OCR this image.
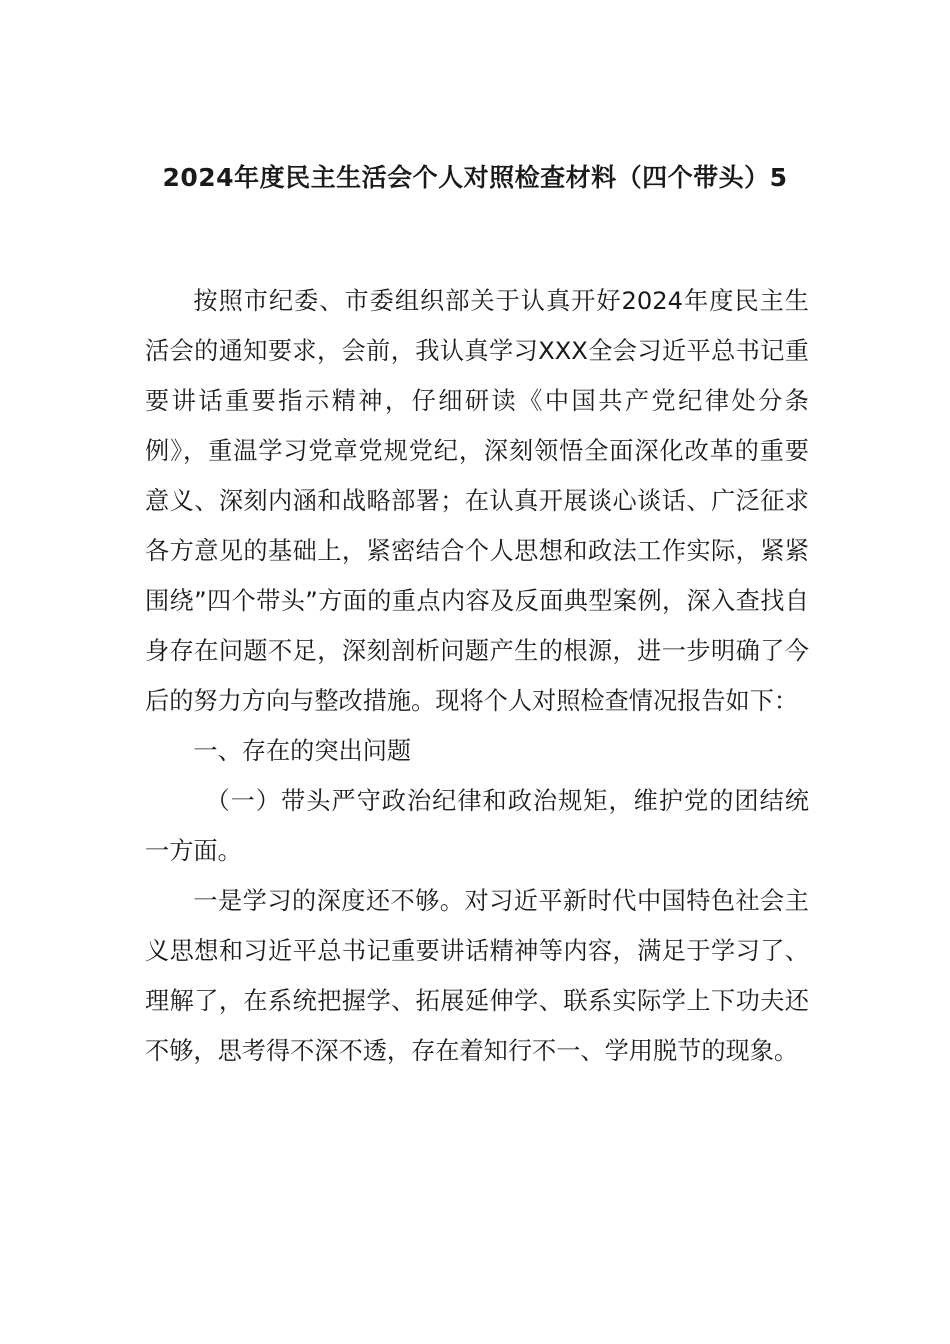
2024年度民主生活会个人对照检查材料（四个带头）5

按照市纪委、市委组织部关于认真开好2024年度民主生活会的通知要求，会前，我认真学习XXX全会习近平总书记重要讲话重要指示精神，仔细研读《中国共产党纪律处分条例》，重温学习党章党规党纪，深刻领悟全面深化改革的重要意义、深刻内涵和战略部署；在认真开展谈心谈话、广泛征求各方意见的基础上，紧密结合个人思想和政法工作实际，紧紧围绕”四个带头”方面的重点内容及反面典型案例，深入查找自身存在问题不足，深刻剖析问题产生的根源，进一步明确了今后的努力方向与整改措施。现将个人对照检查情况报告如下：

一、存在的突出问题

（一）带头严守政治纪律和政治规矩，维护党的团结统一方面。

一是学习的深度还不够。对习近平新时代中国特色社会主义思想和习近平总书记重要讲话精神等内容，满足于学习了、理解了，在系统把握学、拓展延伸学、联系实际学上下功夫还不够，思考得不深不透，存在着知行不一、学用脱节的现象。
